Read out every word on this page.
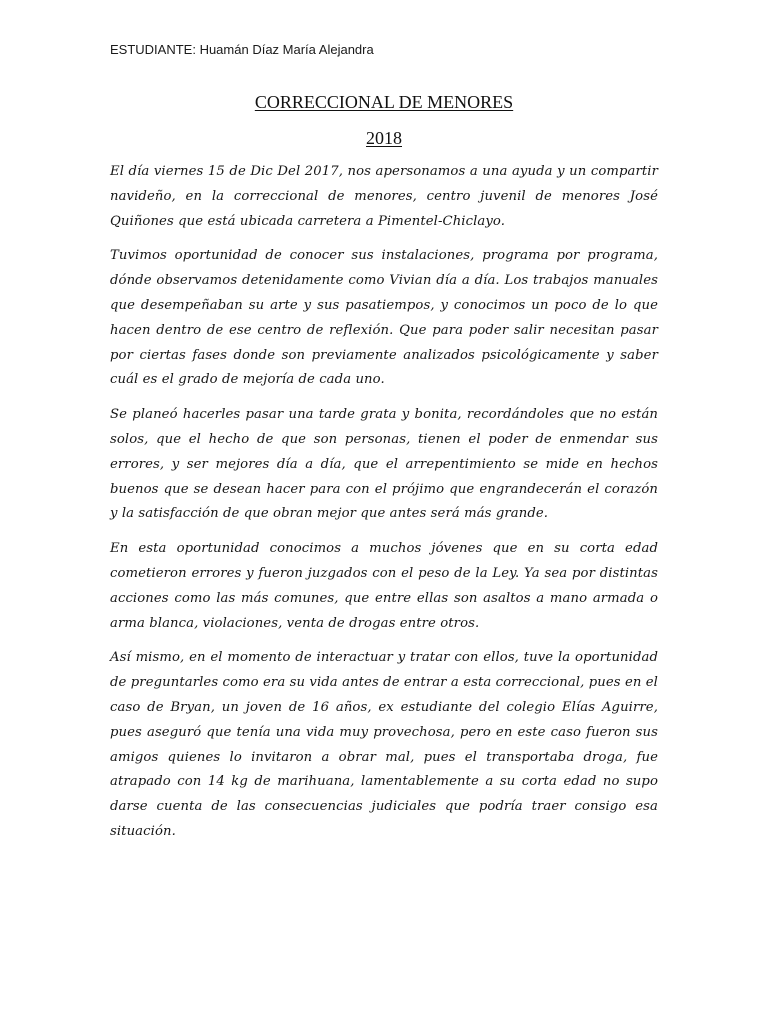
ESTUDIANTE: Huamán Díaz María Alejandra
CORRECCIONAL DE MENORES
2018

El día viernes 15 de Dic Del 2017, nos apersonamos a una ayuda y un compartir navideño, en la correccional de menores, centro juvenil de menores José Quiñones que está ubicada carretera a Pimentel-Chiclayo.

Tuvimos oportunidad de conocer sus instalaciones, programa por programa, dónde observamos detenidamente como Vivian día a día. Los trabajos manuales que desempeñaban su arte y sus pasatiempos, y conocimos un poco de lo que hacen dentro de ese centro de reflexión. Que para poder salir necesitan pasar por ciertas fases donde son previamente analizados psicológicamente y saber cuál es el grado de mejoría de cada uno.

Se planeó hacerles pasar una tarde grata y bonita, recordándoles que no están solos, que el hecho de que son personas, tienen el poder de enmendar sus errores, y ser mejores día a día, que el arrepentimiento se mide en hechos buenos que se desean hacer para con el prójimo que engrandecerán el corazón y la satisfacción de que obran mejor que antes será más grande.

En esta oportunidad conocimos a muchos jóvenes que en su corta edad cometieron errores y fueron juzgados con el peso de la Ley. Ya sea por distintas acciones como las más comunes, que entre ellas son asaltos a mano armada o arma blanca, violaciones, venta de drogas entre otros.

Así mismo, en el momento de interactuar y tratar con ellos, tuve la oportunidad de preguntarles como era su vida antes de entrar a esta correccional, pues en el caso de Bryan, un joven de 16 años, ex estudiante del colegio Elías Aguirre, pues aseguró que tenía una vida muy provechosa, pero en este caso fueron sus amigos quienes lo invitaron a obrar mal, pues el transportaba droga, fue atrapado con 14 kg de marihuana, lamentablemente a su corta edad no supo darse cuenta de las consecuencias judiciales que podría traer consigo esa situación.
